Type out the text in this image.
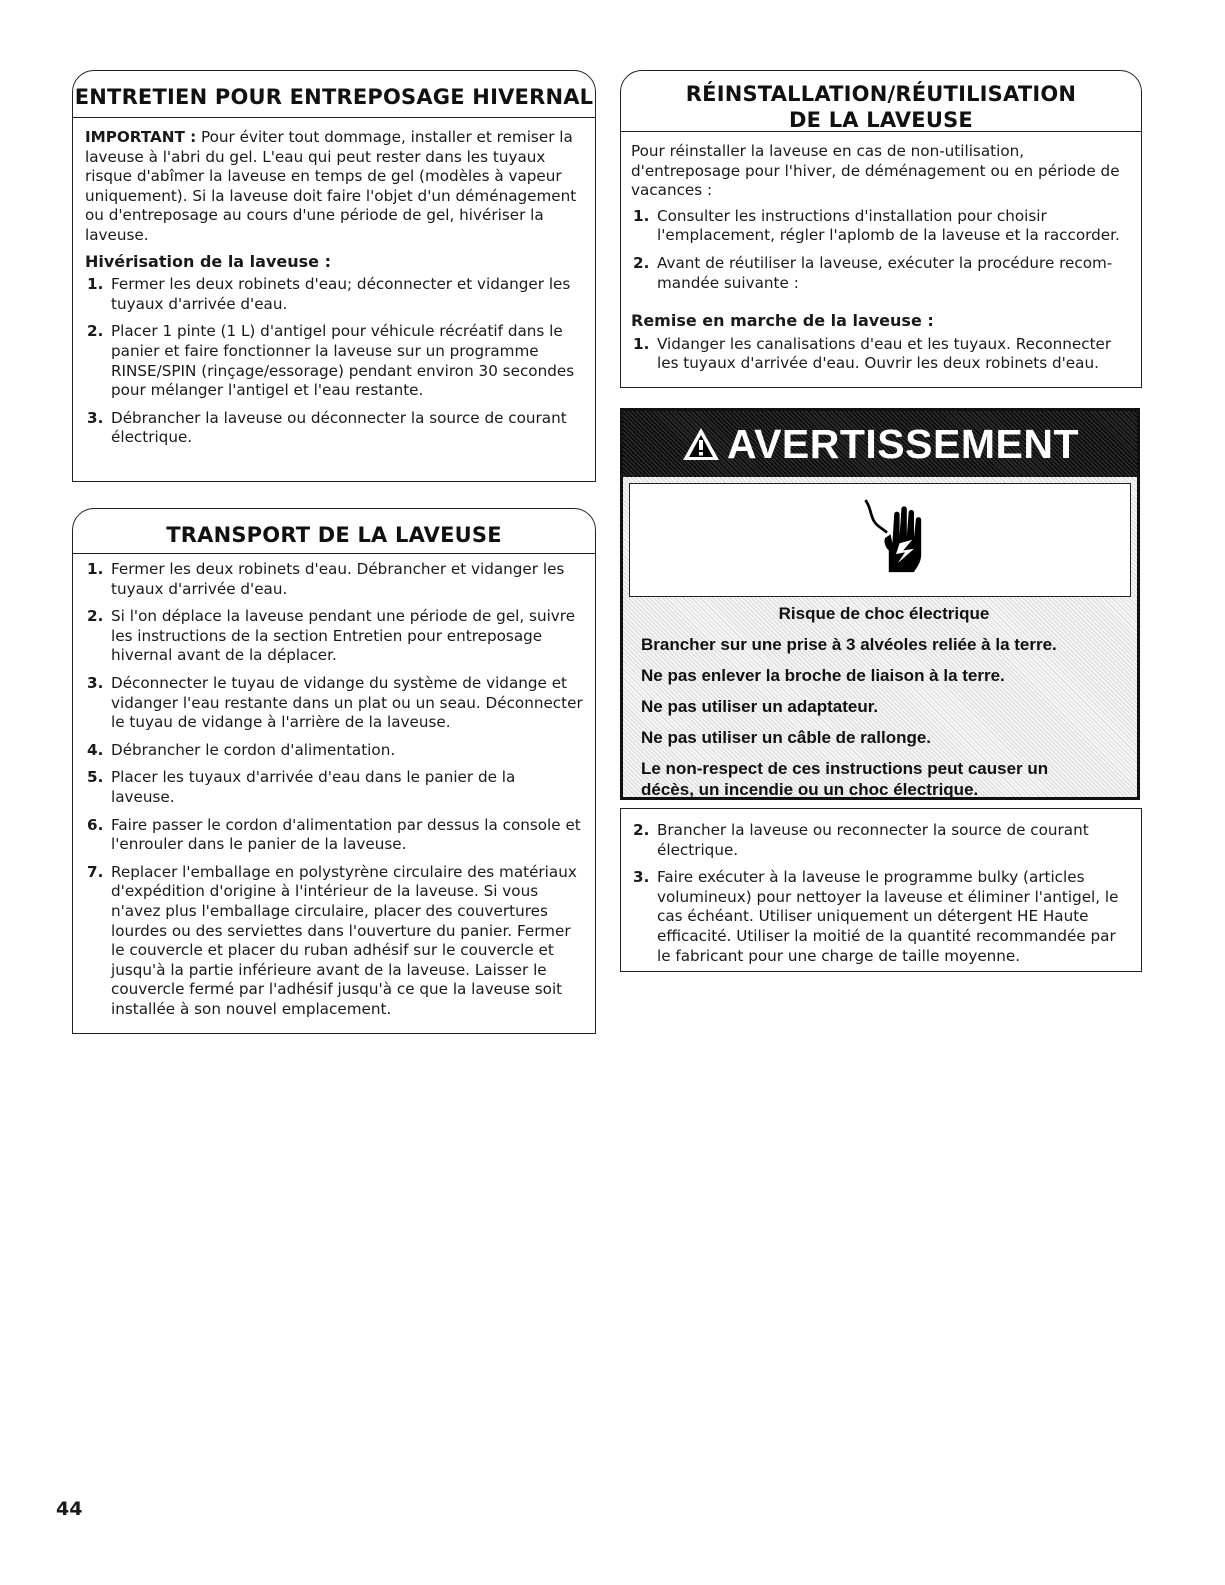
ENTRETIEN POUR ENTREPOSAGE HIVERNAL

IMPORTANT : Pour éviter tout dommage, installer et remiser la laveuse à l'abri du gel. L'eau qui peut rester dans les tuyaux risque d'abîmer la laveuse en temps de gel (modèles à vapeur uniquement). Si la laveuse doit faire l'objet d'un déménagement ou d'entreposage au cours d'une période de gel, hivériser la laveuse.

Hivérisation de la laveuse :
1. Fermer les deux robinets d'eau; déconnecter et vidanger les tuyaux d'arrivée d'eau.
2. Placer 1 pinte (1 L) d'antigel pour véhicule récréatif dans le panier et faire fonctionner la laveuse sur un programme RINSE/SPIN (rinçage/essorage) pendant environ 30 secondes pour mélanger l'antigel et l'eau restante.
3. Débrancher la laveuse ou déconnecter la source de courant électrique.
TRANSPORT DE LA LAVEUSE
1. Fermer les deux robinets d'eau. Débrancher et vidanger les tuyaux d'arrivée d'eau.
2. Si l'on déplace la laveuse pendant une période de gel, suivre les instructions de la section Entretien pour entreposage hivernal avant de la déplacer.
3. Déconnecter le tuyau de vidange du système de vidange et vidanger l'eau restante dans un plat ou un seau. Déconnecter le tuyau de vidange à l'arrière de la laveuse.
4. Débrancher le cordon d'alimentation.
5. Placer les tuyaux d'arrivée d'eau dans le panier de la laveuse.
6. Faire passer le cordon d'alimentation par dessus la console et l'enrouler dans le panier de la laveuse.
7. Replacer l'emballage en polystyrène circulaire des matériaux d'expédition d'origine à l'intérieur de la laveuse. Si vous n'avez plus l'emballage circulaire, placer des couvertures lourdes ou des serviettes dans l'ouverture du panier. Fermer le couvercle et placer du ruban adhésif sur le couvercle et jusqu'à la partie inférieure avant de la laveuse. Laisser le couvercle fermé par l'adhésif jusqu'à ce que la laveuse soit installée à son nouvel emplacement.
RÉINSTALLATION/RÉUTILISATION
DE LA LAVEUSE

Pour réinstaller la laveuse en cas de non-utilisation, d'entreposage pour l'hiver, de déménagement ou en période de vacances :

1. Consulter les instructions d'installation pour choisir l'emplacement, régler l'aplomb de la laveuse et la raccorder.
2. Avant de réutiliser la laveuse, exécuter la procédure recom-mandée suivante :
Remise en marche de la laveuse :
1. Vidanger les canalisations d'eau et les tuyaux. Reconnecter les tuyaux d'arrivée d'eau. Ouvrir les deux robinets d'eau.
AVERTISSEMENT
Risque de choc électrique
Brancher sur une prise à 3 alvéoles reliée à la terre.
Ne pas enlever la broche de liaison à la terre.
Ne pas utiliser un adaptateur.
Ne pas utiliser un câble de rallonge.
Le non-respect de ces instructions peut causer un décès, un incendie ou un choc électrique.
2. Brancher la laveuse ou reconnecter la source de courant électrique.
3. Faire exécuter à la laveuse le programme bulky (articles volumineux) pour nettoyer la laveuse et éliminer l'antigel, le cas échéant. Utiliser uniquement un détergent HE Haute efficacité. Utiliser la moitié de la quantité recommandée par le fabricant pour une charge de taille moyenne.
44
